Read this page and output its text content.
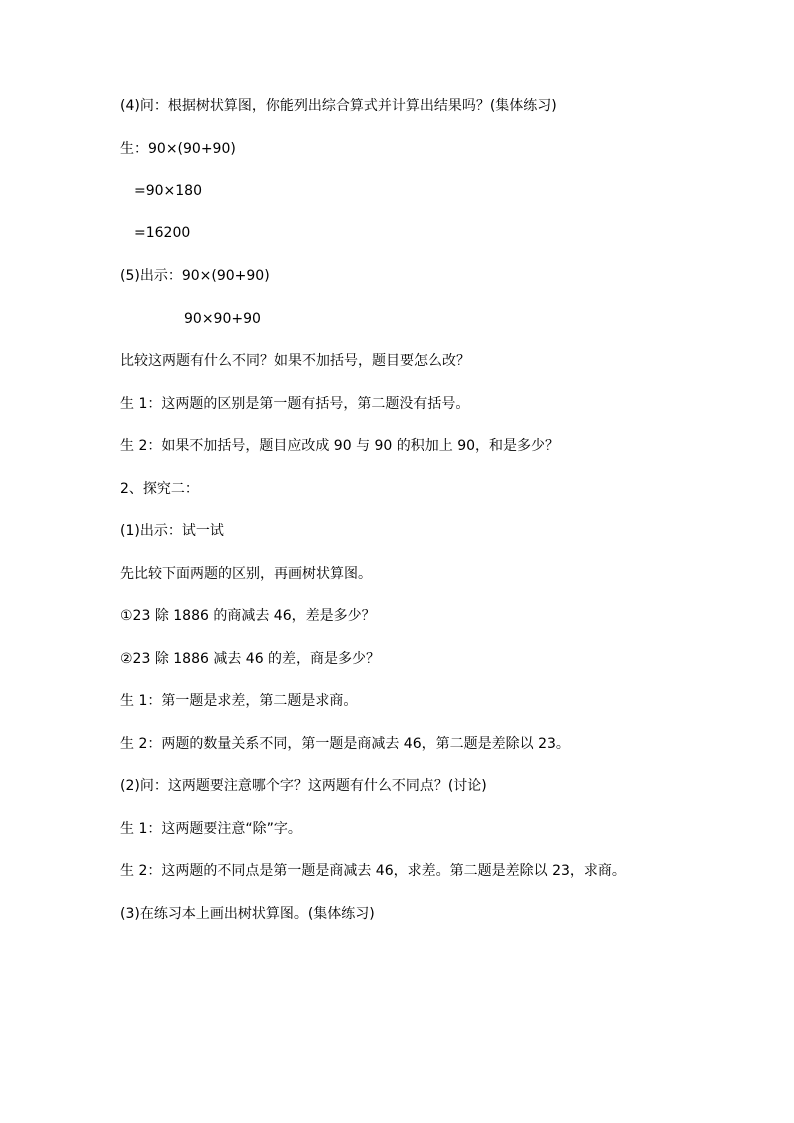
(4)问：根据树状算图，你能列出综合算式并计算出结果吗？(集体练习)
生：90×(90+90)
=90×180
=16200
(5)出示：90×(90+90)
90×90+90
比较这两题有什么不同？如果不加括号，题目要怎么改？
生 1：这两题的区别是第一题有括号，第二题没有括号。
生 2：如果不加括号，题目应改成 90 与 90 的积加上 90，和是多少？
2、探究二：
(1)出示：试一试
先比较下面两题的区别，再画树状算图。
①23 除 1886 的商减去 46，差是多少？
②23 除 1886 减去 46 的差，商是多少？
生 1：第一题是求差，第二题是求商。
生 2：两题的数量关系不同，第一题是商减去 46，第二题是差除以 23。
(2)问：这两题要注意哪个字？这两题有什么不同点？(讨论)
生 1：这两题要注意“除”字。
生 2：这两题的不同点是第一题是商减去 46，求差。第二题是差除以 23，求商。
(3)在练习本上画出树状算图。(集体练习)
